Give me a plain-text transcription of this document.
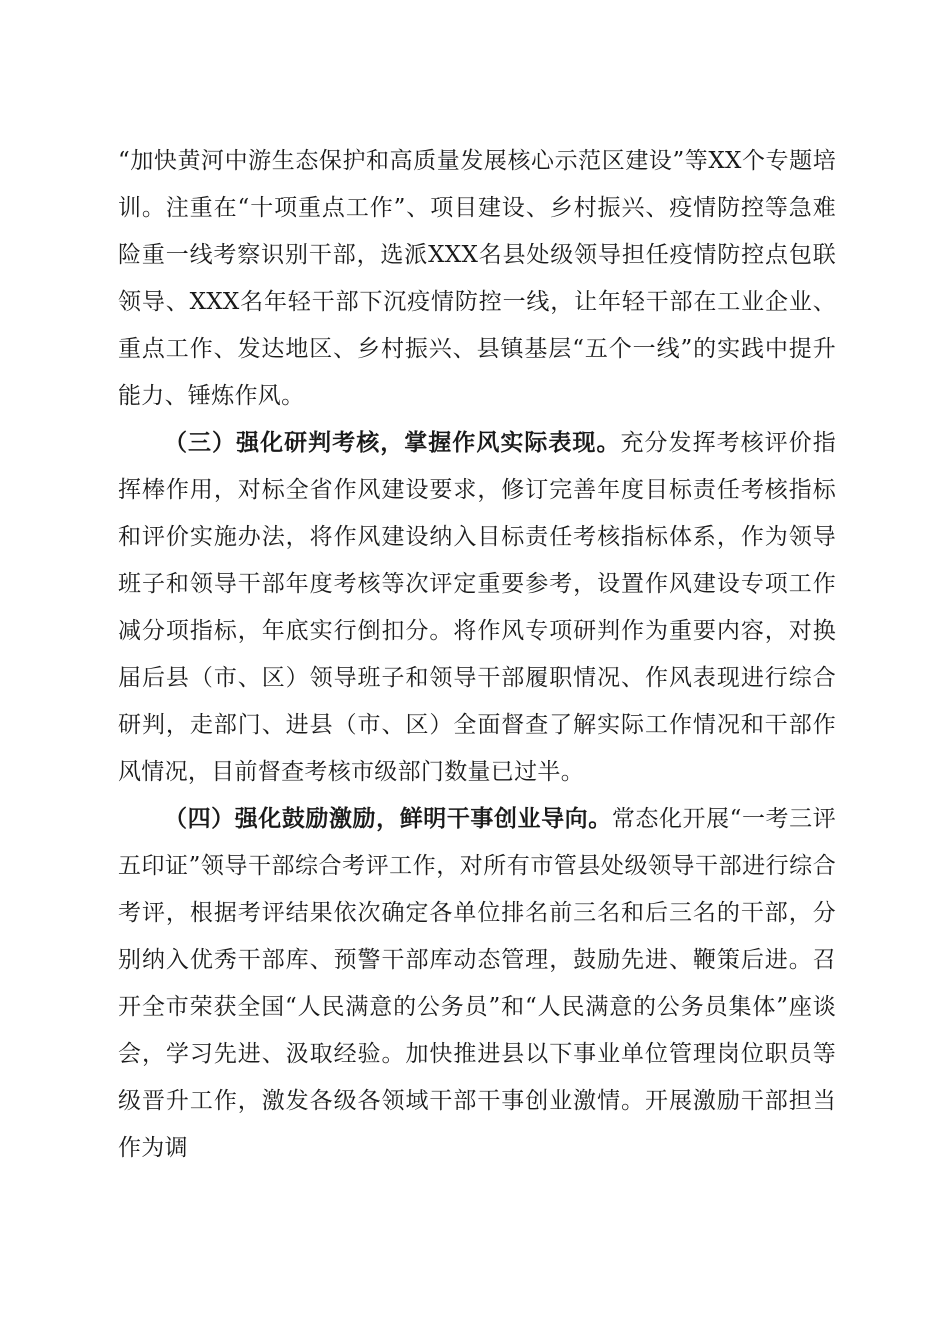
“加快黄河中游生态保护和高质量发展核心示范区建设”等XX个专题培训。注重在“十项重点工作”、项目建设、乡村振兴、疫情防控等急难险重一线考察识别干部，选派XXX名县处级领导担任疫情防控点包联领导、XXX名年轻干部下沉疫情防控一线，让年轻干部在工业企业、重点工作、发达地区、乡村振兴、县镇基层“五个一线”的实践中提升能力、锤炼作风。

（三）强化研判考核，掌握作风实际表现。充分发挥考核评价指挥棒作用，对标全省作风建设要求，修订完善年度目标责任考核指标和评价实施办法，将作风建设纳入目标责任考核指标体系，作为领导班子和领导干部年度考核等次评定重要参考，设置作风建设专项工作减分项指标，年底实行倒扣分。将作风专项研判作为重要内容，对换届后县（市、区）领导班子和领导干部履职情况、作风表现进行综合研判，走部门、进县（市、区）全面督查了解实际工作情况和干部作风情况，目前督查考核市级部门数量已过半。

（四）强化鼓励激励，鲜明干事创业导向。常态化开展“一考三评五印证”领导干部综合考评工作，对所有市管县处级领导干部进行综合考评，根据考评结果依次确定各单位排名前三名和后三名的干部，分别纳入优秀干部库、预警干部库动态管理，鼓励先进、鞭策后进。召开全市荣获全国“人民满意的公务员”和“人民满意的公务员集体”座谈会，学习先进、汲取经验。加快推进县以下事业单位管理岗位职员等级晋升工作，激发各级各领域干部干事创业激情。开展激励干部担当作为调
